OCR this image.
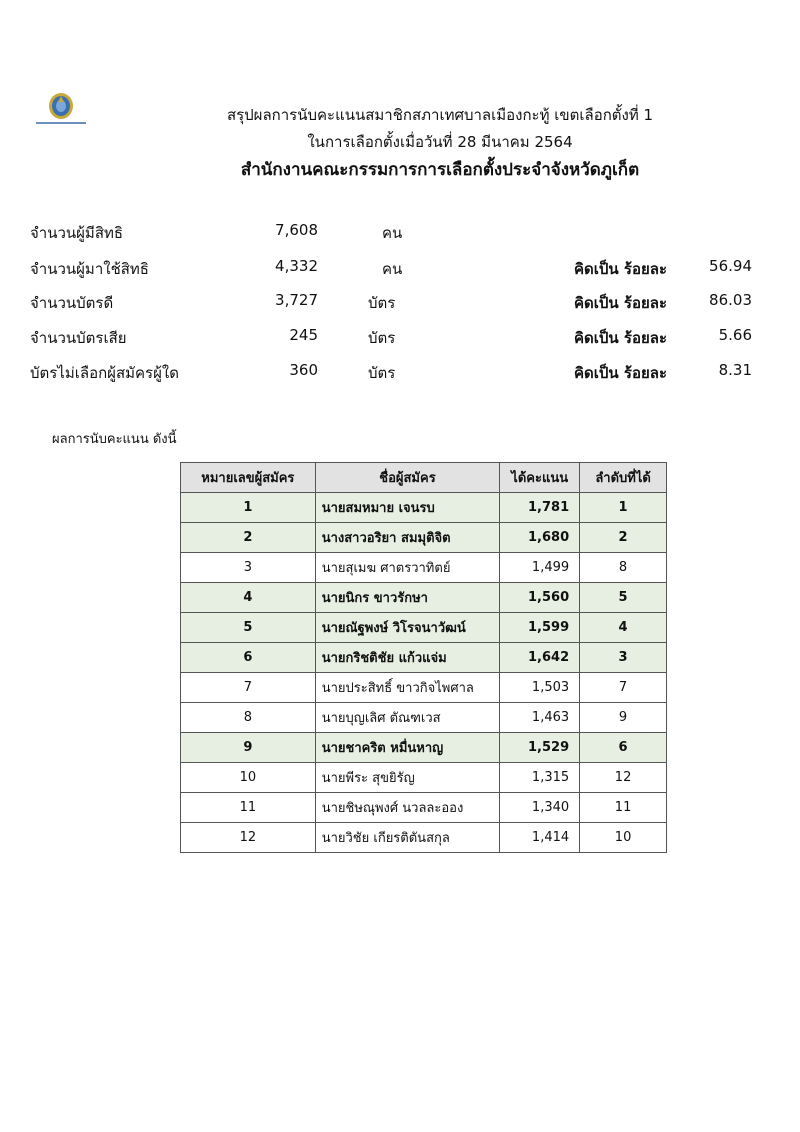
สรุปผลการนับคะแนนสมาชิกสภาเทศบาลเมืองกะทู้ เขตเลือกตั้งที่ 1
ในการเลือกตั้งเมื่อวันที่ 28 มีนาคม 2564
สำนักงานคณะกรรมการการเลือกตั้งประจำจังหวัดภูเก็ต
จำนวนผู้มีสิทธิ	7,608	คน
จำนวนผู้มาใช้สิทธิ	4,332	คน	คิดเป็น ร้อยละ	56.94
จำนวนบัตรดี	3,727	บัตร	คิดเป็น ร้อยละ	86.03
จำนวนบัตรเสีย	245	บัตร	คิดเป็น ร้อยละ	5.66
บัตรไม่เลือกผู้สมัครผู้ใด	360	บัตร	คิดเป็น ร้อยละ	8.31
ผลการนับคะแนน ดังนี้
หมายเลขผู้สมัคร	ชื่อผู้สมัคร	ได้คะแนน	ลำดับที่ได้
1	นายสมหมาย เจนรบ	1,781	1
2	นางสาวอริยา สมมุติจิต	1,680	2
3	นายสุเมฆ ศาตรวาทิตย์	1,499	8
4	นายนิกร ขาวรักษา	1,560	5
5	นายณัฐพงษ์ วิโรจนาวัฒน์	1,599	4
6	นายกริชติชัย แก้วแจ่ม	1,642	3
7	นายประสิทธิ์ ขาวกิจไพศาล	1,503	7
8	นายบุญเลิศ ตัณฑเวส	1,463	9
9	นายชาคริต หมื่นหาญ	1,529	6
10	นายพีระ สุขยิรัญ	1,315	12
11	นายชิษณุพงศ์ นวลละออง	1,340	11
12	นายวิชัย เกียรติตันสกุล	1,414	10
